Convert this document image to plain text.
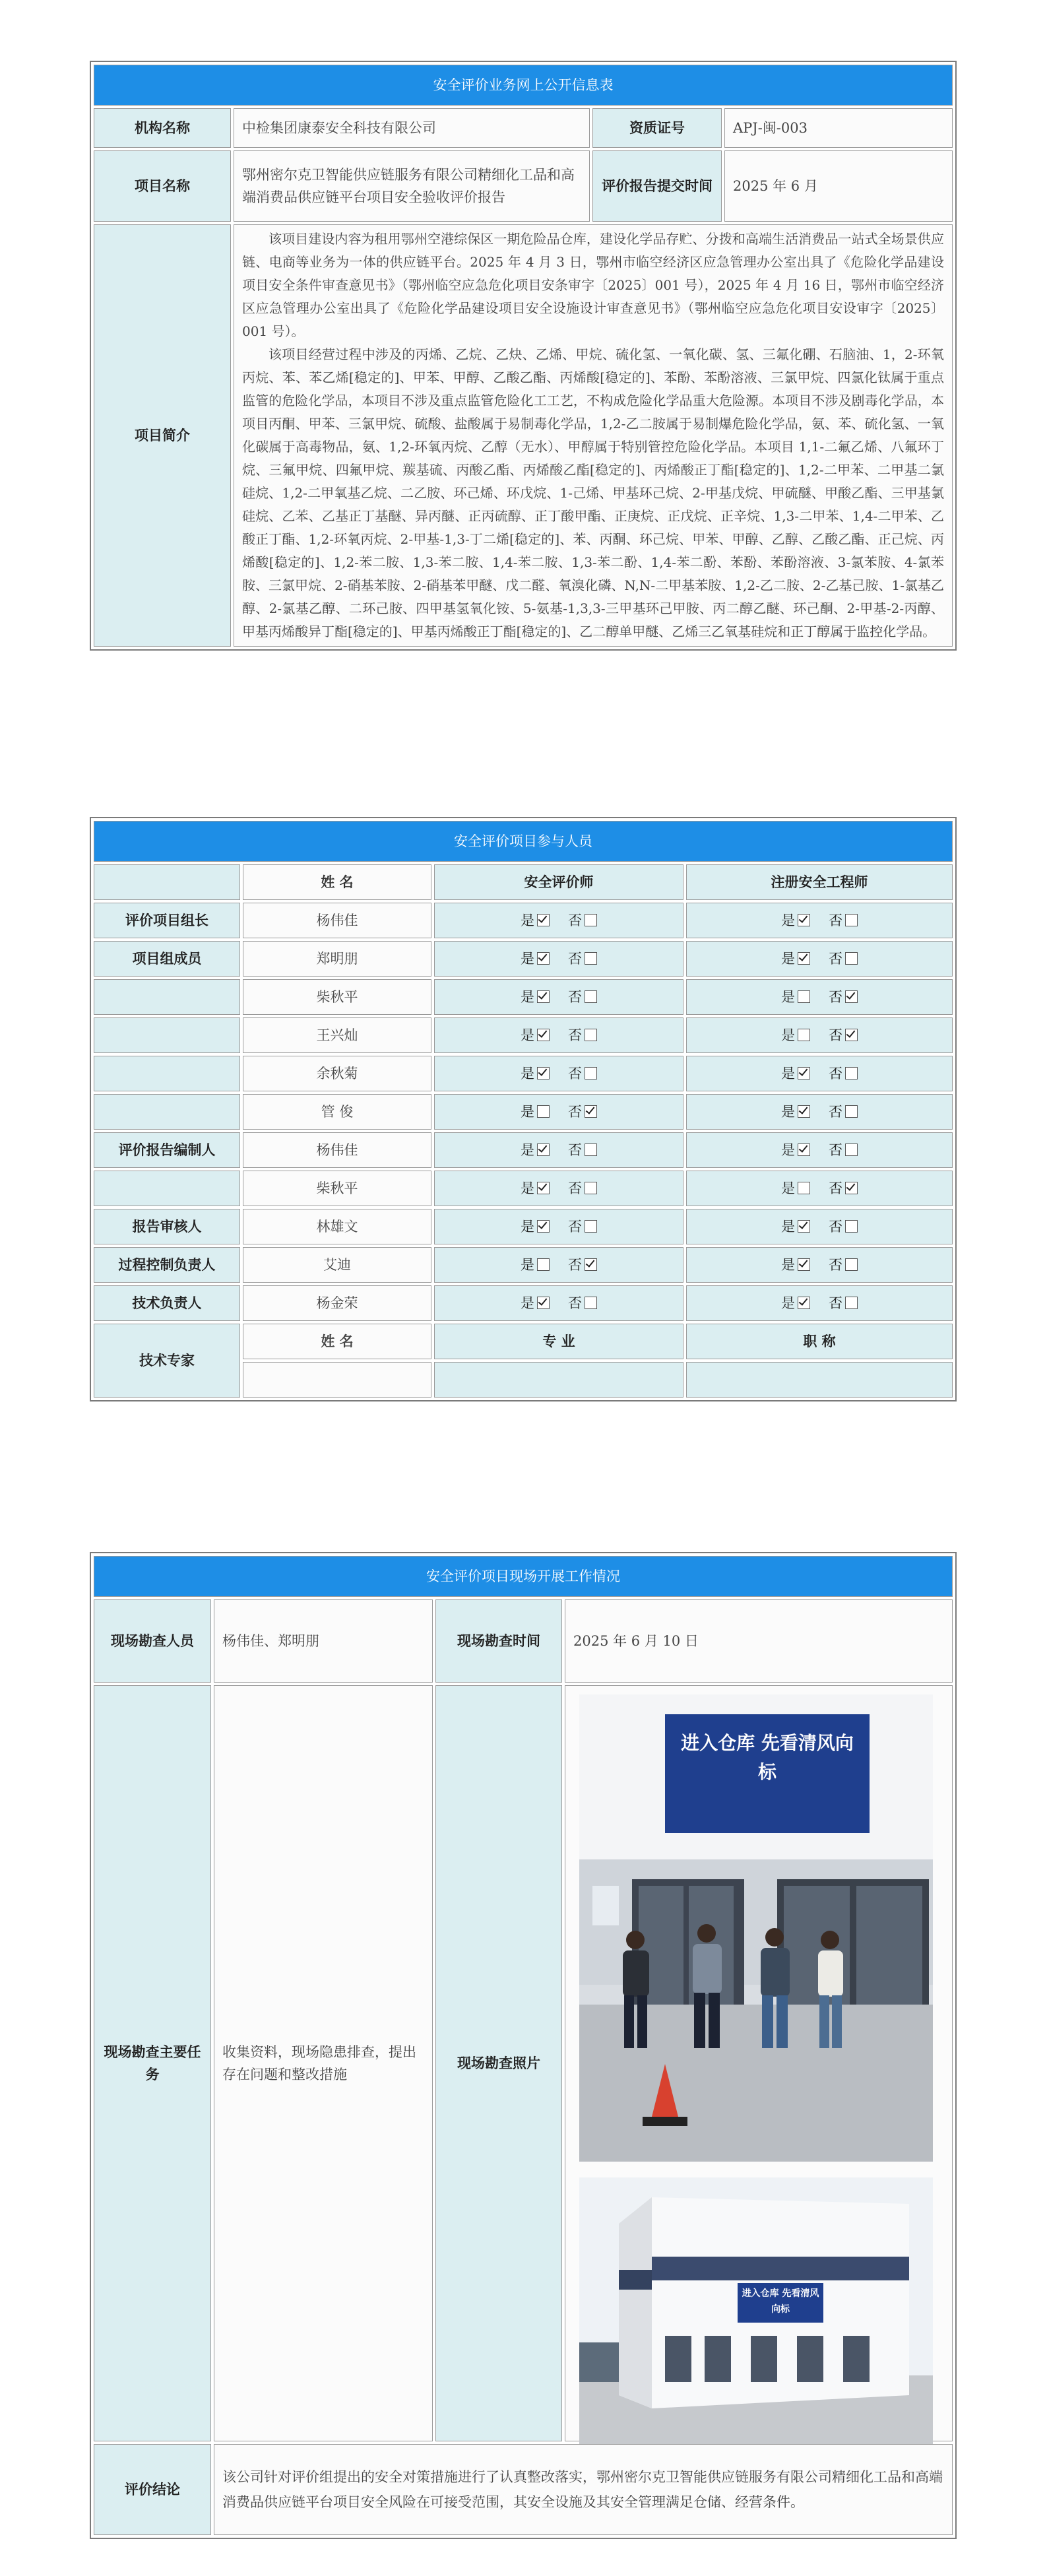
安全评价业务网上公开信息表			
机构名称	中检集团康泰安全科技有限公司	资质证号	APJ-闽-003
项目名称	鄂州密尔克卫智能供应链服务有限公司精细化工品和高端消费品供应链平台项目安全验收评价报告	评价报告提交时间	2025 年 6 月
项目简介	该项目建设内容为租用鄂州空港综保区一期危险品仓库，建设化学品存贮、分拨和高端生活消费品一站式全场景供应链、电商等业务为一体的供应链平台。2025 年 4 月 3 日，鄂州市临空经济区应急管理办公室出具了《危险化学品建设项目安全条件审查意见书》（鄂州临空应急危化项目安条审字〔2025〕001 号），2025 年 4 月 16 日，鄂州市临空经济区应急管理办公室出具了《危险化学品建设项目安全设施设计审查意见书》（鄂州临空应急危化项目安设审字〔2025〕001 号）。

该项目经营过程中涉及的丙烯、乙烷、乙炔、乙烯、甲烷、硫化氢、一氧化碳、氢、三氟化硼、石脑油、1，2-环氧丙烷、苯、苯乙烯[稳定的]、甲苯、甲醇、乙酸乙酯、丙烯酸[稳定的]、苯酚、苯酚溶液、三氯甲烷、四氯化钛属于重点监管的危险化学品，本项目不涉及重点监管危险化工工艺，不构成危险化学品重大危险源。本项目不涉及剧毒化学品，本项目丙酮、甲苯、三氯甲烷、硫酸、盐酸属于易制毒化学品，1,2-乙二胺属于易制爆危险化学品，氨、苯、硫化氢、一氧化碳属于高毒物品，氨、1,2-环氧丙烷、乙醇（无水）、甲醇属于特别管控危险化学品。本项目 1,1-二氟乙烯、八氟环丁烷、三氟甲烷、四氟甲烷、羰基硫、丙酸乙酯、丙烯酸乙酯[稳定的]、丙烯酸正丁酯[稳定的]、1,2-二甲苯、二甲基二氯硅烷、1,2-二甲氧基乙烷、二乙胺、环己烯、环戊烷、1-己烯、甲基环己烷、2-甲基戊烷、甲硫醚、甲酸乙酯、三甲基氯硅烷、乙苯、乙基正丁基醚、异丙醚、正丙硫醇、正丁酸甲酯、正庚烷、正戊烷、正辛烷、1,3-二甲苯、1,4-二甲苯、乙酸正丁酯、1,2-环氧丙烷、2-甲基-1,3-丁二烯[稳定的]、苯、丙酮、环己烷、甲苯、甲醇、乙醇、乙酸乙酯、正己烷、丙烯酸[稳定的]、1,2-苯二胺、1,3-苯二胺、1,4-苯二胺、1,3-苯二酚、1,4-苯二酚、苯酚、苯酚溶液、3-氯苯胺、4-氯苯胺、三氯甲烷、2-硝基苯胺、2-硝基苯甲醚、戊二醛、氧溴化磷、N,N-二甲基苯胺、1,2-乙二胺、2-乙基己胺、1-氯基乙醇、2-氯基乙醇、二环己胺、四甲基氢氧化铵、5-氨基-1,3,3-三甲基环己甲胺、丙二醇乙醚、环己酮、2-甲基-2-丙醇、甲基丙烯酸异丁酯[稳定的]、甲基丙烯酸正丁酯[稳定的]、乙二醇单甲醚、乙烯三乙氧基硅烷和正丁醇属于监控化学品。		

安全评价项目参与人员			
	姓 名	安全评价师	注册安全工程师
评价项目组长	杨伟佳	是 否	是 否
项目组成员	郑明朋	是 否	是 否
	柴秋平	是 否	是 否
	王兴灿	是 否	是 否
	余秋菊	是 否	是 否
	管 俊	是 否	是 否
评价报告编制人	杨伟佳	是 否	是 否
	柴秋平	是 否	是 否
报告审核人	林雄文	是 否	是 否
过程控制负责人	艾迪	是 否	是 否
技术负责人	杨金荣	是 否	是 否
技术专家	姓 名	专 业	职 称

安全评价项目现场开展工作情况			
现场勘查人员	杨伟佳、郑明朋	现场勘查时间	2025 年 6 月 10 日
现场勘查主要任务	收集资料，现场隐患排查，提出存在问题和整改措施	现场勘查照片	
评价结论	该公司针对评价组提出的安全对策措施进行了认真整改落实，鄂州密尔克卫智能供应链服务有限公司精细化工品和高端消费品供应链平台项目安全风险在可接受范围，其安全设施及其安全管理满足仓储、经营条件。		
进入仓库 先看清风向标
进入仓库 先看清风向标
